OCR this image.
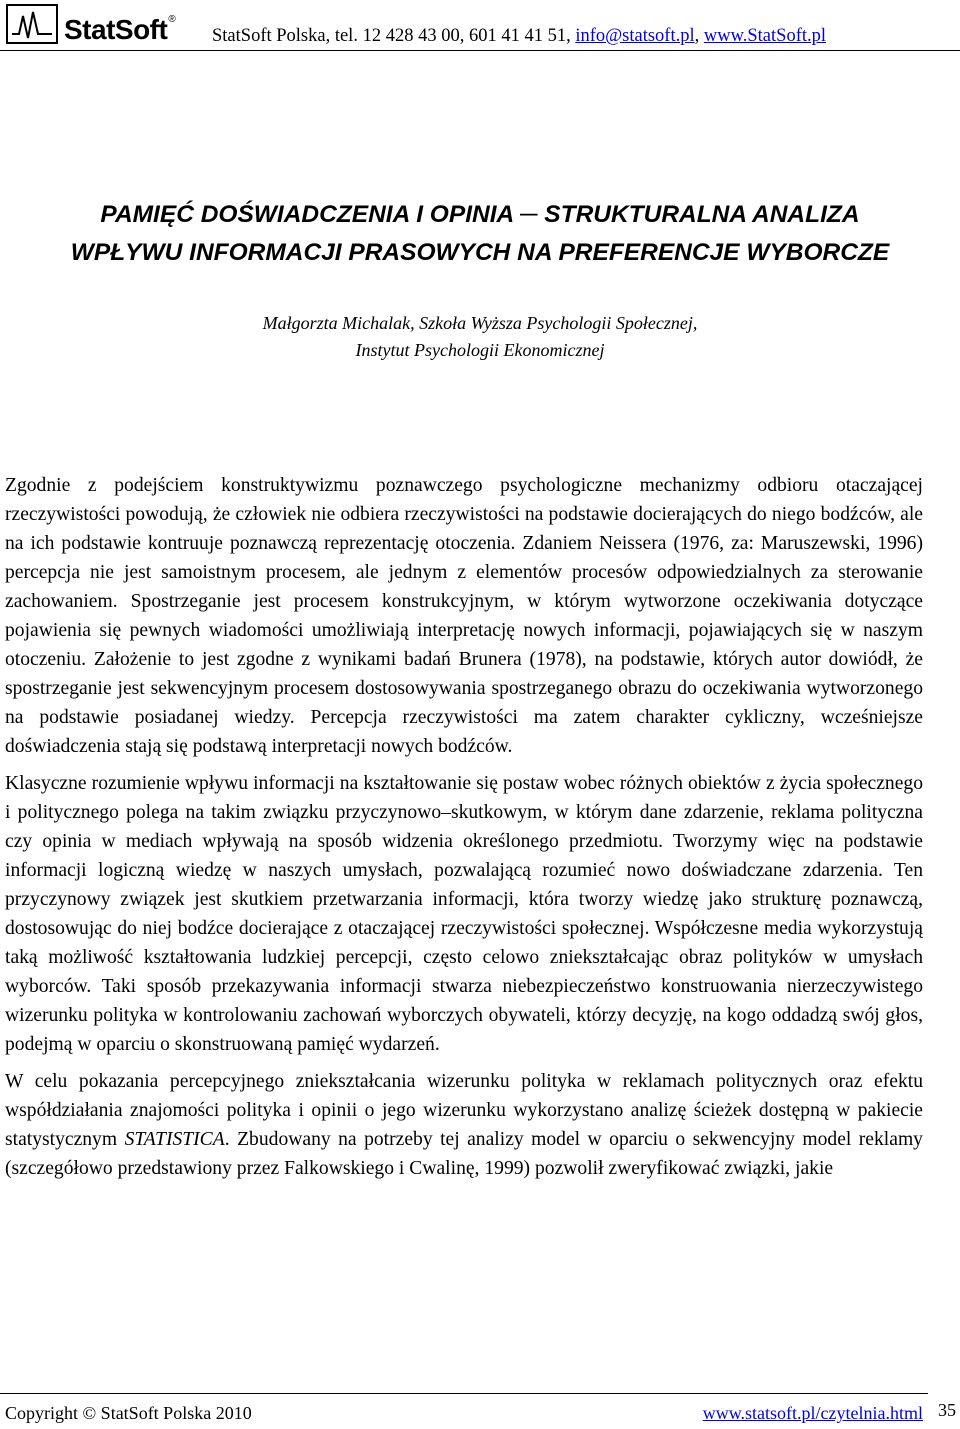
StatSoft®
StatSoft Polska, tel. 12 428 43 00, 601 41 41 51, info@statsoft.pl, www.StatSoft.pl
PAMIĘĆ DOŚWIADCZENIA I OPINIA ─ STRUKTURALNA ANALIZA
WPŁYWU INFORMACJI PRASOWYCH NA PREFERENCJE WYBORCZE
Małgorzta Michalak, Szkoła Wyższa Psychologii Społecznej,
Instytut Psychologii Ekonomicznej

Zgodnie z podejściem konstruktywizmu poznawczego psychologiczne mechanizmy odbioru otaczającej rzeczywistości powodują, że człowiek nie odbiera rzeczywistości na podstawie docierających do niego bodźców, ale na ich podstawie kontruuje poznawczą reprezentację otoczenia. Zdaniem Neissera (1976, za: Maruszewski, 1996) percepcja nie jest samoistnym procesem, ale jednym z elementów procesów odpowiedzialnych za sterowanie zachowaniem. Spostrzeganie jest procesem konstrukcyjnym, w którym wytworzone oczekiwania dotyczące pojawienia się pewnych wiadomości umożliwiają interpretację nowych informacji, pojawiających się w naszym otoczeniu. Założenie to jest zgodne z wynikami badań Brunera (1978), na podstawie, których autor dowiódł, że spostrzeganie jest sekwencyjnym procesem dostosowywania spostrzeganego obrazu do oczekiwania wytworzonego na podstawie posiadanej wiedzy. Percepcja rzeczywistości ma zatem charakter cykliczny, wcześniejsze doświadczenia stają się podstawą interpretacji nowych bodźców.

Klasyczne rozumienie wpływu informacji na kształtowanie się postaw wobec różnych obiektów z życia społecznego i politycznego polega na takim związku przyczynowo–skutkowym, w którym dane zdarzenie, reklama polityczna czy opinia w mediach wpływają na sposób widzenia określonego przedmiotu. Tworzymy więc na podstawie informacji logiczną wiedzę w naszych umysłach, pozwalającą rozumieć nowo doświadczane zdarzenia. Ten przyczynowy związek jest skutkiem przetwarzania informacji, która tworzy wiedzę jako strukturę poznawczą, dostosowując do niej bodźce docierające z otaczającej rzeczywistości społecznej. Współczesne media wykorzystują taką możliwość kształtowania ludzkiej percepcji, często celowo zniekształcając obraz polityków w umysłach wyborców. Taki sposób przekazywania informacji stwarza niebezpieczeństwo konstruowania nierzeczywistego wizerunku polityka w kontrolowaniu zachowań wyborczych obywateli, którzy decyzję, na kogo oddadzą swój głos, podejmą w oparciu o skonstruowaną pamięć wydarzeń.

W celu pokazania percepcyjnego zniekształcania wizerunku polityka w reklamach politycznych oraz efektu współdziałania znajomości polityka i opinii o jego wizerunku wykorzystano analizę ścieżek dostępną w pakiecie statystycznym STATISTICA. Zbudowany na potrzeby tej analizy model w oparciu o sekwencyjny model reklamy (szczegółowo przedstawiony przez Falkowskiego i Cwalinę, 1999) pozwolił zweryfikować związki, jakie

Copyright © StatSoft Polska 2010	www.statsoft.pl/czytelnia.html 35
